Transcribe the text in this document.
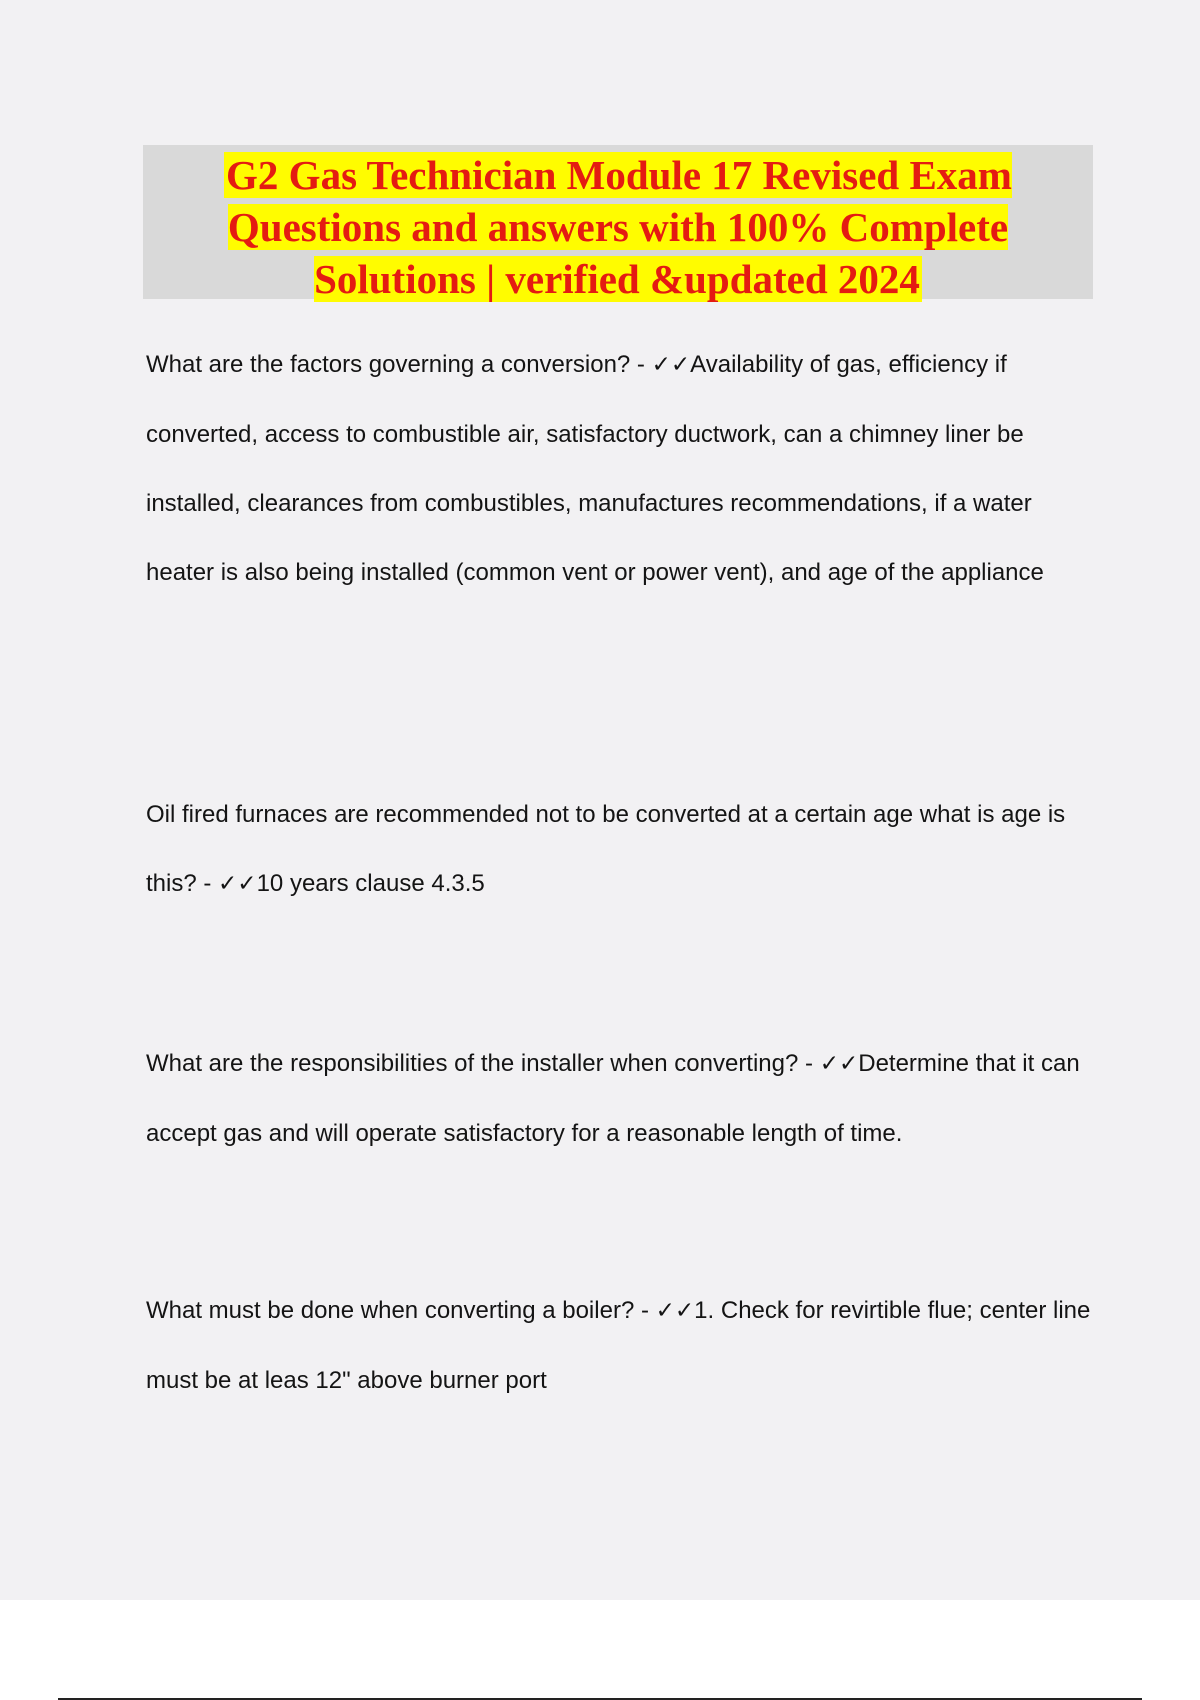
G2 Gas Technician Module 17 Revised Exam Questions and answers with 100% Complete Solutions | verified &updated 2024

What are the factors governing a conversion? - ✓✓Availability of gas, efficiency if converted, access to combustible air, satisfactory ductwork, can a chimney liner be installed, clearances from combustibles, manufactures recommendations, if a water heater is also being installed (common vent or power vent), and age of the appliance

Oil fired furnaces are recommended not to be converted at a certain age what is age is this? - ✓✓10 years clause 4.3.5

What are the responsibilities of the installer when converting? - ✓✓Determine that it can accept gas and will operate satisfactory for a reasonable length of time.

What must be done when converting a boiler? - ✓✓1. Check for revirtible flue; center line must be at leas 12" above burner port
